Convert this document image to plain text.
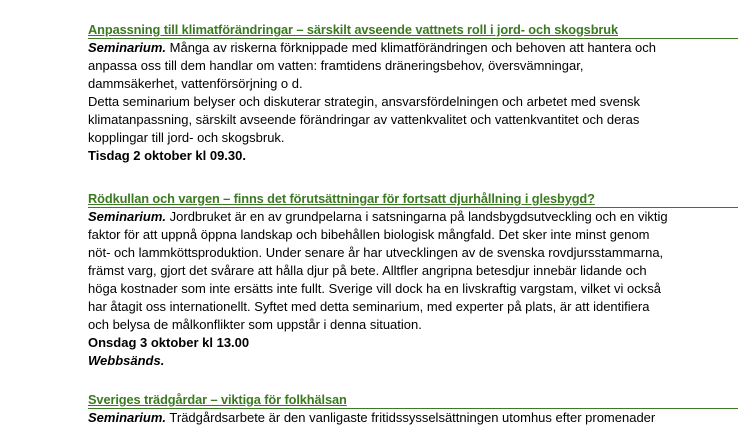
Anpassning till klimatförändringar – särskilt avseende vattnets roll i jord- och skogsbruk
Seminarium. Många av riskerna förknippade med klimatförändringen och behoven att hantera och
anpassa oss till dem handlar om vatten: framtidens dräneringsbehov, översvämningar,
dammsäkerhet, vattenförsörjning o d.
Detta seminarium belyser och diskuterar strategin, ansvarsfördelningen och arbetet med svensk
klimatanpassning, särskilt avseende förändringar av vattenkvalitet och vattenkvantitet och deras
kopplingar till jord- och skogsbruk.
Tisdag 2 oktober kl 09.30.
Rödkullan och vargen – finns det förutsättningar för fortsatt djurhållning i glesbygd?
Seminarium. Jordbruket är en av grundpelarna i satsningarna på landsbygdsutveckling och en viktig
faktor för att uppnå öppna landskap och bibehållen biologisk mångfald. Det sker inte minst genom
nöt- och lammköttsproduktion. Under senare år har utvecklingen av de svenska rovdjursstammarna,
främst varg, gjort det svårare att hålla djur på bete. Alltfler angripna betesdjur innebär lidande och
höga kostnader som inte ersätts inte fullt. Sverige vill dock ha en livskraftig vargstam, vilket vi också
har åtagit oss internationellt. Syftet med detta seminarium, med experter på plats, är att identifiera
och belysa de målkonflikter som uppstår i denna situation.
Onsdag 3 oktober kl 13.00
Webbsänds.
Sveriges trädgårdar – viktiga för folkhälsan
Seminarium. Trädgårdsarbete är den vanligaste fritidssysselsättningen utomhus efter promenader
